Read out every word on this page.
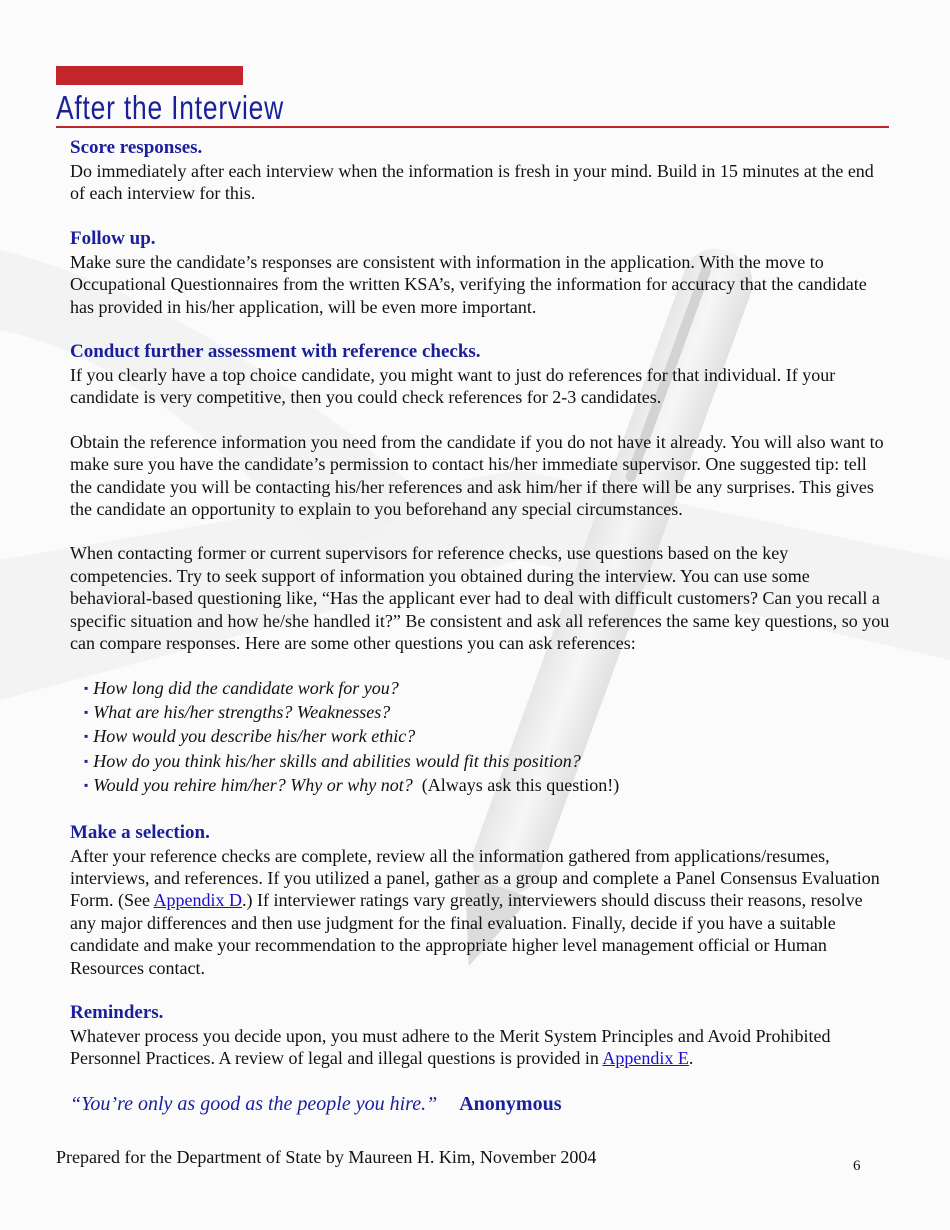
After the Interview
Score responses.

Do immediately after each interview when the information is fresh in your mind. Build in 15 minutes at the end of each interview for this.

Follow up.

Make sure the candidate’s responses are consistent with information in the application. With the move to Occupational Questionnaires from the written KSA’s, verifying the information for accuracy that the candidate has provided in his/her application, will be even more important.

Conduct further assessment with reference checks.

If you clearly have a top choice candidate, you might want to just do references for that individual. If your candidate is very competitive, then you could check references for 2-3 candidates.

Obtain the reference information you need from the candidate if you do not have it already. You will also want to make sure you have the candidate’s permission to contact his/her immediate supervisor. One suggested tip: tell the candidate you will be contacting his/her references and ask him/her if there will be any surprises. This gives the candidate an opportunity to explain to you beforehand any special circumstances.

When contacting former or current supervisors for reference checks, use questions based on the key competencies. Try to seek support of information you obtained during the interview. You can use some behavioral-based questioning like, “Has the applicant ever had to deal with difficult customers? Can you recall a specific situation and how he/she handled it?” Be consistent and ask all references the same key questions, so you can compare responses. Here are some other questions you can ask references:

▪ How long did the candidate work for you?
▪ What are his/her strengths? Weaknesses?
▪ How would you describe his/her work ethic?
▪ How do you think his/her skills and abilities would fit this position?
▪ Would you rehire him/her? Why or why not? (Always ask this question!)
Make a selection.

After your reference checks are complete, review all the information gathered from applications/resumes, interviews, and references. If you utilized a panel, gather as a group and complete a Panel Consensus Evaluation Form. (See Appendix D.) If interviewer ratings vary greatly, interviewers should discuss their reasons, resolve any major differences and then use judgment for the final evaluation. Finally, decide if you have a suitable candidate and make your recommendation to the appropriate higher level management official or Human Resources contact.

Reminders.

Whatever process you decide upon, you must adhere to the Merit System Principles and Avoid Prohibited Personnel Practices. A review of legal and illegal questions is provided in Appendix E.

“You’re only as good as the people you hire.” Anonymous

Prepared for the Department of State by Maureen H. Kim, November 2004	6
